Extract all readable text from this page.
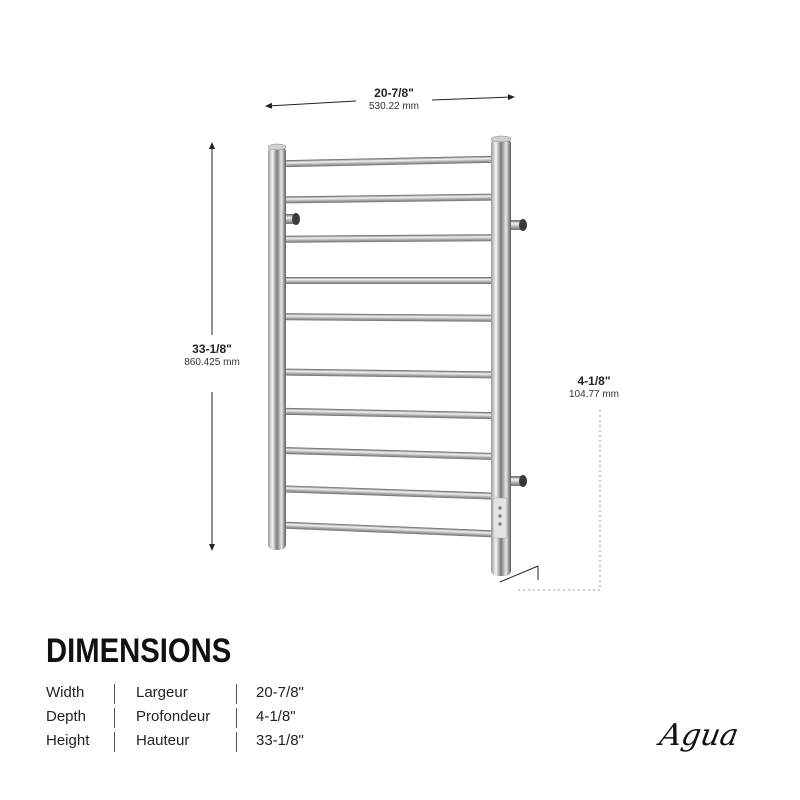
20-7/8"
530.22 mm
33-1/8"
860.425 mm
4-1/8"
104.77 mm
DIMENSIONS
Width	Largeur	20-7/8"
Depth	Profondeur	4-1/8"
Height	Hauteur	33-1/8"	Agua
